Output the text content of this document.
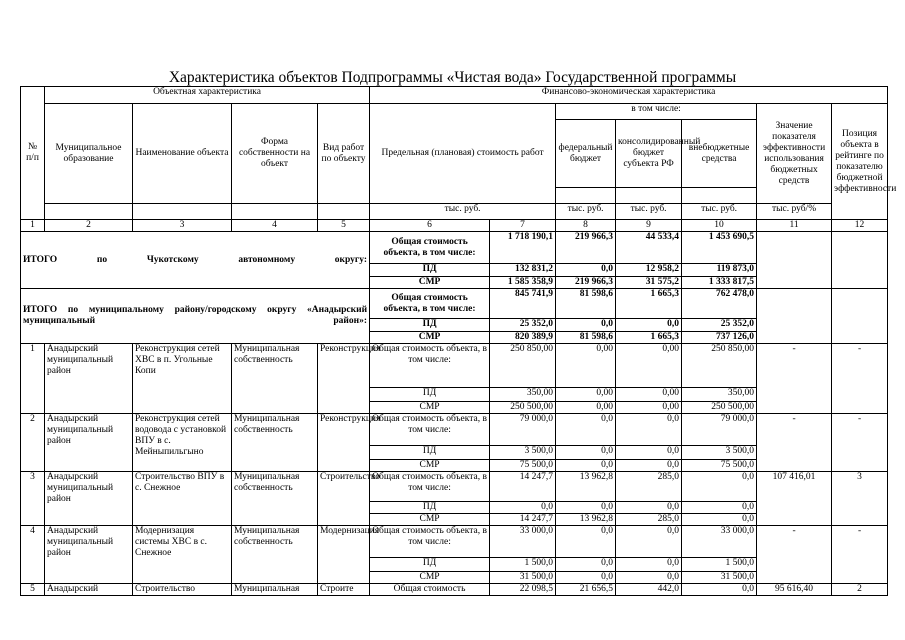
Характеристика объектов Подпрограммы «Чистая вода» Государственной программы
№ п/п	Объектная характеристика				Финансово-экономическая характеристика						
	Муниципальное образование	Наименование объекта	Форма собственности на объект	Вид работ по объекту	Предельная (плановая) стоимость работ		в том числе:			Значение показателя эффективности использования бюджетных средств	Позиция объекта в рейтинге по показателю бюджетной эффективности
							федеральный бюджет	консолидированный бюджет субъекта РФ	внебюджетные средства		

					тыс. руб.		тыс. руб.	тыс. руб.	тыс. руб.	тыс. руб/%	
1	2	3	4	5	6	7	8	9	10	11	12
ИТОГО по Чукотскому автономному округу:					Общая стоимость объекта, в том числе:	1 718 190,1	219 966,3	44 533,4	1 453 690,5		
					ПД	132 831,2	0,0	12 958,2	119 873,0		
					СМР	1 585 358,9	219 966,3	31 575,2	1 333 817,5		
ИТОГО по муниципальному району/городскому округу «Анадырский муниципальный район»:					Общая стоимость объекта, в том числе:	845 741,9	81 598,6	1 665,3	762 478,0		
					ПД	25 352,0	0,0	0,0	25 352,0		
					СМР	820 389,9	81 598,6	1 665,3	737 126,0		
1	Анадырский муниципальный район	Реконструкция сетей ХВС в п. Угольные Копи	Муниципальная собственность	Реконструкция	Общая стоимость объекта, в том числе:	250 850,00	0,00	0,00	250 850,00	-	-
					ПД	350,00	0,00	0,00	350,00		
					СМР	250 500,00	0,00	0,00	250 500,00		
2	Анадырский муниципальный район	Реконструкция сетей водовода с установкой ВПУ в с. Мейныпильгыно	Муниципальная собственность	Реконструкция	Общая стоимость объекта, в том числе:	79 000,0	0,0	0,0	79 000,0	-	-
					ПД	3 500,0	0,0	0,0	3 500,0		
					СМР	75 500,0	0,0	0,0	75 500,0		
3	Анадырский муниципальный район	Строительство ВПУ в с. Снежное	Муниципальная собственность	Строительство	Общая стоимость объекта, в том числе:	14 247,7	13 962,8	285,0	0,0	107 416,01	3
					ПД	0,0	0,0	0,0	0,0		
					СМР	14 247,7	13 962,8	285,0	0,0		
4	Анадырский муниципальный район	Модернизация системы ХВС в с. Снежное	Муниципальная собственность	Модернизация	Общая стоимость объекта, в том числе:	33 000,0	0,0	0,0	33 000,0	-	-
					ПД	1 500,0	0,0	0,0	1 500,0		
					СМР	31 500,0	0,0	0,0	31 500,0		
5	Анадырский	Строительство	Муниципальная	Строите	Общая стоимость	22 098,5	21 656,5	442,0	0,0	95 616,40	2
